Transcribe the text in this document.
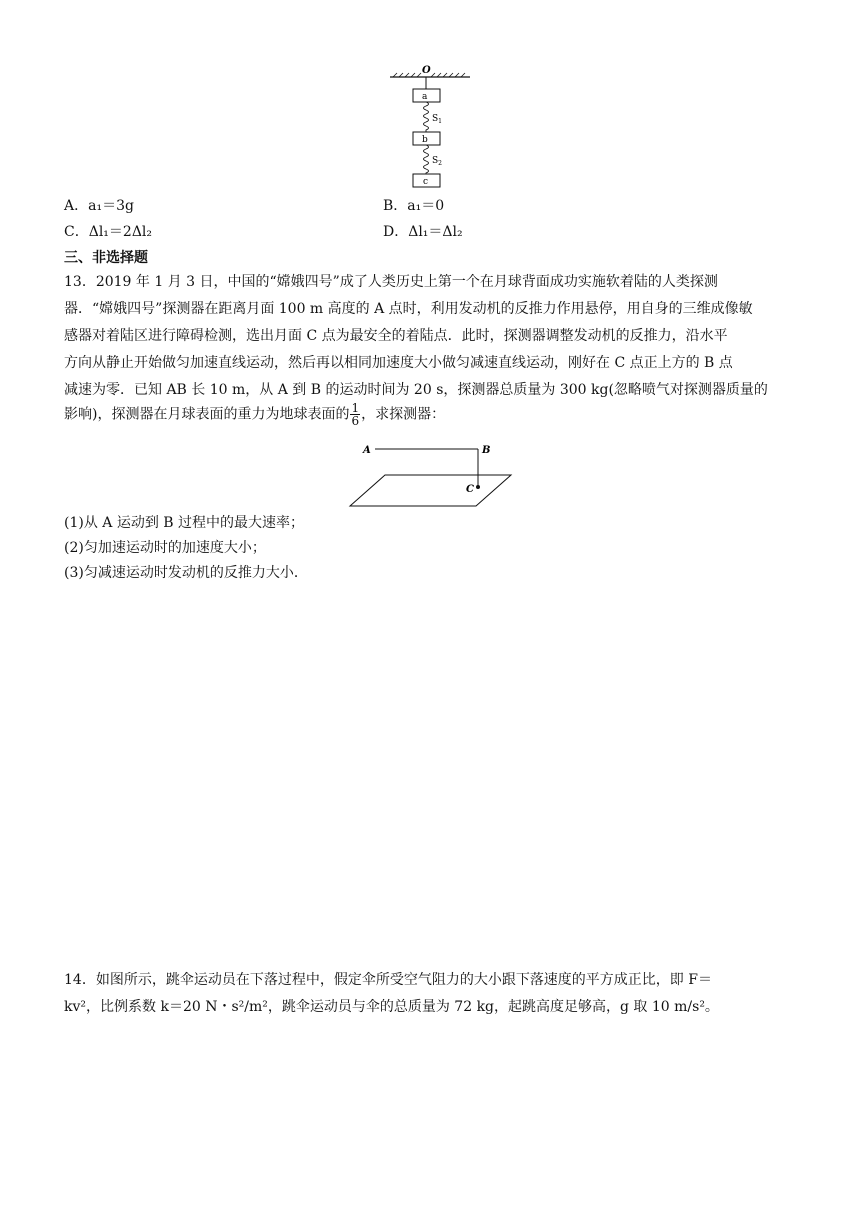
O
a
$S_1$
b
$S_2$
c
A．a₁＝3g	B．a₁＝0
C．Δl₁＝2Δl₂	D．Δl₁＝Δl₂
三、非选择题
13．2019 年 1 月 3 日，中国的“嫦娥四号”成了人类历史上第一个在月球背面成功实施软着陆的人类探测
器．“嫦娥四号”探测器在距离月面 100 m 高度的 A 点时，利用发动机的反推力作用悬停，用自身的三维成像敏
感器对着陆区进行障碍检测，选出月面 C 点为最安全的着陆点．此时，探测器调整发动机的反推力，沿水平
方向从静止开始做匀加速直线运动，然后再以相同加速度大小做匀减速直线运动，刚好在 C 点正上方的 B 点
减速为零．已知 AB 长 10 m，从 A 到 B 的运动时间为 20 s，探测器总质量为 300 kg(忽略喷气对探测器质量的
影响)，探测器在月球表面的重力为地球表面的 $\frac{1}{6}$ ，求探测器：
A	B
C
(1)从 A 运动到 B 过程中的最大速率；
(2)匀加速运动时的加速度大小；
(3)匀减速运动时发动机的反推力大小．
14．如图所示，跳伞运动员在下落过程中，假定伞所受空气阻力的大小跟下落速度的平方成正比，即 F＝
kv²，比例系数 k＝20 N・s²/m²，跳伞运动员与伞的总质量为 72 kg，起跳高度足够高，g 取 10 m/s²。
